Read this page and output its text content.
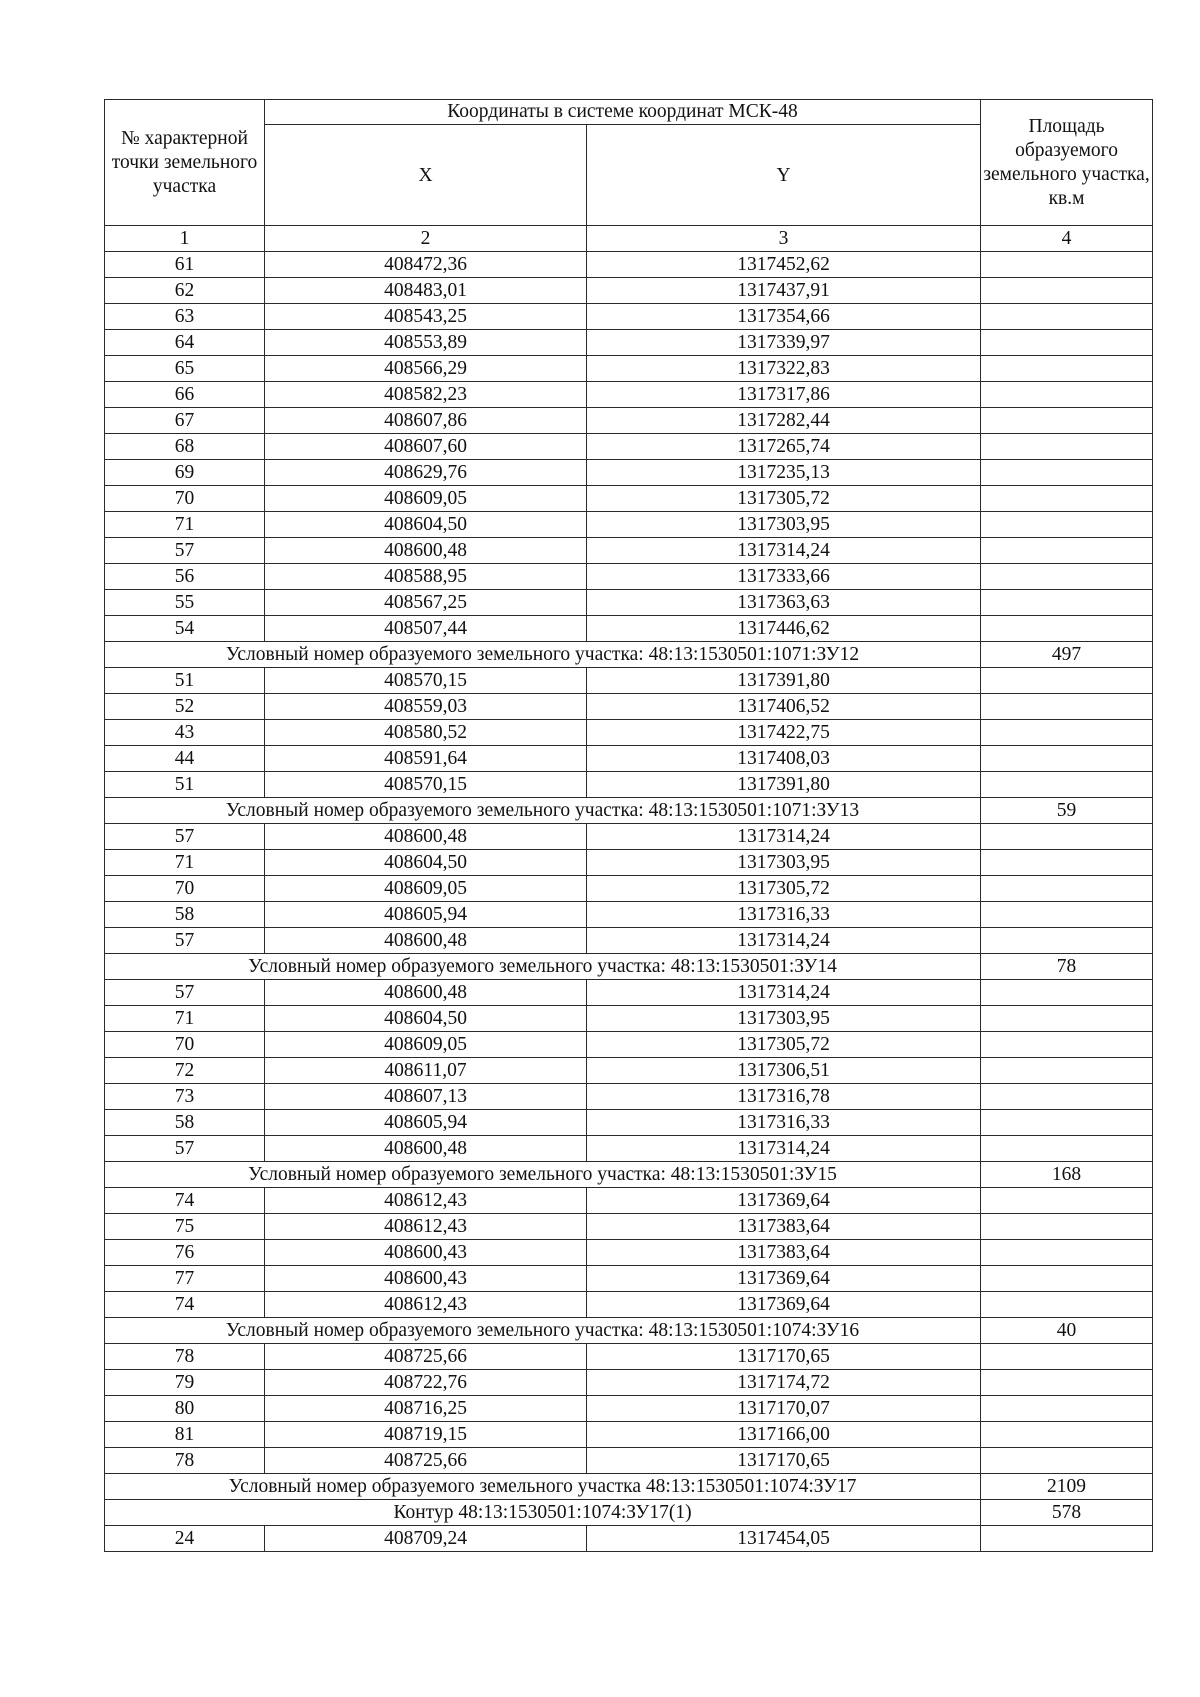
№ характерной точки земельного участка	Координаты в системе координат МСК-48		Площадь образуемого земельного участка, кв.м
	X	Y	
1	2	3	4
61	408472,36	1317452,62	
62	408483,01	1317437,91	
63	408543,25	1317354,66	
64	408553,89	1317339,97	
65	408566,29	1317322,83	
66	408582,23	1317317,86	
67	408607,86	1317282,44	
68	408607,60	1317265,74	
69	408629,76	1317235,13	
70	408609,05	1317305,72	
71	408604,50	1317303,95	
57	408600,48	1317314,24	
56	408588,95	1317333,66	
55	408567,25	1317363,63	
54	408507,44	1317446,62	
Условный номер образуемого земельного участка: 48:13:1530501:1071:ЗУ12			497
51	408570,15	1317391,80	
52	408559,03	1317406,52	
43	408580,52	1317422,75	
44	408591,64	1317408,03	
51	408570,15	1317391,80	
Условный номер образуемого земельного участка: 48:13:1530501:1071:ЗУ13			59
57	408600,48	1317314,24	
71	408604,50	1317303,95	
70	408609,05	1317305,72	
58	408605,94	1317316,33	
57	408600,48	1317314,24	
Условный номер образуемого земельного участка: 48:13:1530501:ЗУ14			78
57	408600,48	1317314,24	
71	408604,50	1317303,95	
70	408609,05	1317305,72	
72	408611,07	1317306,51	
73	408607,13	1317316,78	
58	408605,94	1317316,33	
57	408600,48	1317314,24	
Условный номер образуемого земельного участка: 48:13:1530501:ЗУ15			168
74	408612,43	1317369,64	
75	408612,43	1317383,64	
76	408600,43	1317383,64	
77	408600,43	1317369,64	
74	408612,43	1317369,64	
Условный номер образуемого земельного участка: 48:13:1530501:1074:ЗУ16			40
78	408725,66	1317170,65	
79	408722,76	1317174,72	
80	408716,25	1317170,07	
81	408719,15	1317166,00	
78	408725,66	1317170,65	
Условный номер образуемого земельного участка 48:13:1530501:1074:ЗУ17			2109
Контур 48:13:1530501:1074:ЗУ17(1)			578
24	408709,24	1317454,05	
